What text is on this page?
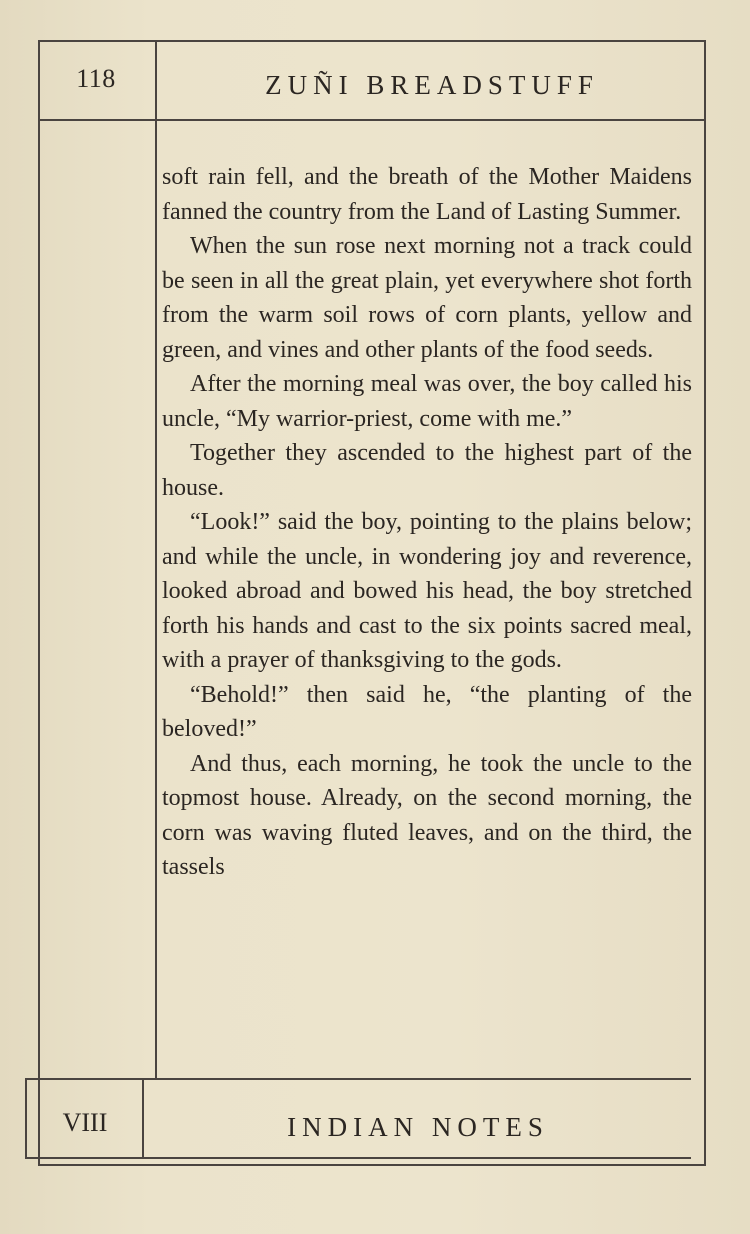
118	ZUÑI BREADSTUFF

soft rain fell, and the breath of the Mother Maidens fanned the country from the Land of Lasting Summer.

When the sun rose next morning not a track could be seen in all the great plain, yet everywhere shot forth from the warm soil rows of corn plants, yellow and green, and vines and other plants of the food seeds.

After the morning meal was over, the boy called his uncle, “My warrior-priest, come with me.”

Together they ascended to the highest part of the house.

“Look!” said the boy, pointing to the plains below; and while the uncle, in wondering joy and reverence, looked abroad and bowed his head, the boy stretched forth his hands and cast to the six points sacred meal, with a prayer of thanksgiving to the gods.

“Behold!” then said he, “the planting of the beloved!”

And thus, each morning, he took the uncle to the topmost house. Already, on the second morning, the corn was waving fluted leaves, and on the third, the tassels

VIII	INDIAN NOTES
